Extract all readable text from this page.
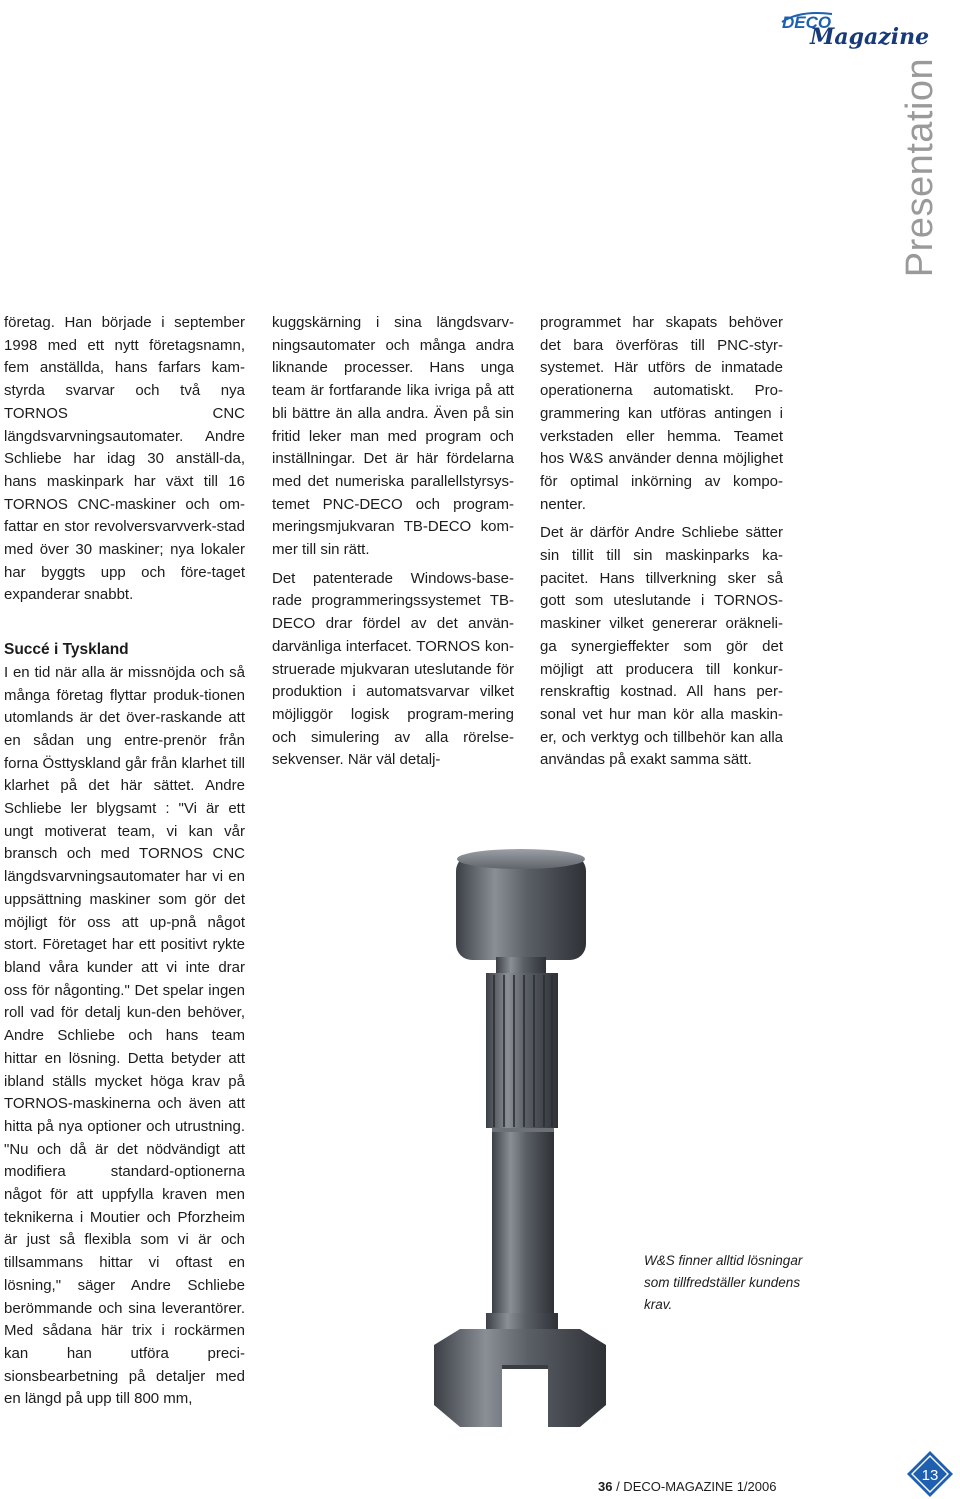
DECO
Magazine
Presentation

företag. Han började i september 1998 med ett nytt företagsnamn, fem anställda, hans farfars kam-styrda svarvar och två nya TORNOS CNC längdsvarvningsautomater. Andre Schliebe har idag 30 anställ-da, hans maskinpark har växt till 16 TORNOS CNC-maskiner och om-fattar en stor revolversvarvverk-stad med över 30 maskiner; nya lokaler har byggts upp och före-taget expanderar snabbt.

Succé i Tyskland

I en tid när alla är missnöjda och så många företag flyttar produk-tionen utomlands är det över-raskande att en sådan ung entre-prenör från forna Östtyskland går från klarhet till klarhet på det här sättet. Andre Schliebe ler blygsamt : "Vi är ett ungt motiverat team, vi kan vår bransch och med TORNOS CNC längdsvarvningsautomater har vi en uppsättning maskiner som gör det möjligt för oss att up-pnå något stort. Företaget har ett positivt rykte bland våra kunder att vi inte drar oss för någonting." Det spelar ingen roll vad för detalj kun-den behöver, Andre Schliebe och hans team hittar en lösning. Detta betyder att ibland ställs mycket höga krav på TORNOS-maskinerna och även att hitta på nya optioner och utrustning. "Nu och då är det nödvändigt att modifiera standard-optionerna något för att uppfylla kraven men teknikerna i Moutier och Pforzheim är just så flexibla som vi är och tillsammans hittar vi oftast en lösning," säger Andre Schliebe berömmande och sina leverantörer. Med sådana här trix i rockärmen kan han utföra preci-sionsbearbetning på detaljer med en längd på upp till 800 mm,

kuggskärning i sina längdsvarv-ningsautomater och många andra liknande processer. Hans unga team är fortfarande lika ivriga på att bli bättre än alla andra. Även på sin fritid leker man med program och inställningar. Det är här fördelarna med det numeriska parallellstyrsys-temet PNC-DECO och program-meringsmjukvaran TB-DECO kom-mer till sin rätt.

Det patenterade Windows-base-rade programmeringssystemet TB-DECO drar fördel av det använ-darvänliga interfacet. TORNOS kon-struerade mjukvaran uteslutande för produktion i automatsvarvar vilket möjliggör logisk program-mering och simulering av alla rörelse-sekvenser. När väl detalj-

programmet har skapats behöver det bara överföras till PNC-styr-systemet. Här utförs de inmatade operationerna automatiskt. Pro-grammering kan utföras antingen i verkstaden eller hemma. Teamet hos W&S använder denna möjlighet för optimal inkörning av kompo-nenter.

Det är därför Andre Schliebe sätter sin tillit till sin maskinparks ka-pacitet. Hans tillverkning sker så gott som uteslutande i TORNOS-maskiner vilket genererar oräkneli-ga synergieffekter som gör det möjligt att producera till konkur-renskraftig kostnad. All hans per-sonal vet hur man kör alla maskin-er, och verktyg och tillbehör kan alla användas på exakt samma sätt.

W&S finner alltid lösningar som tillfredställer kundens krav.

36 / DECO-MAGAZINE 1/2006
13
